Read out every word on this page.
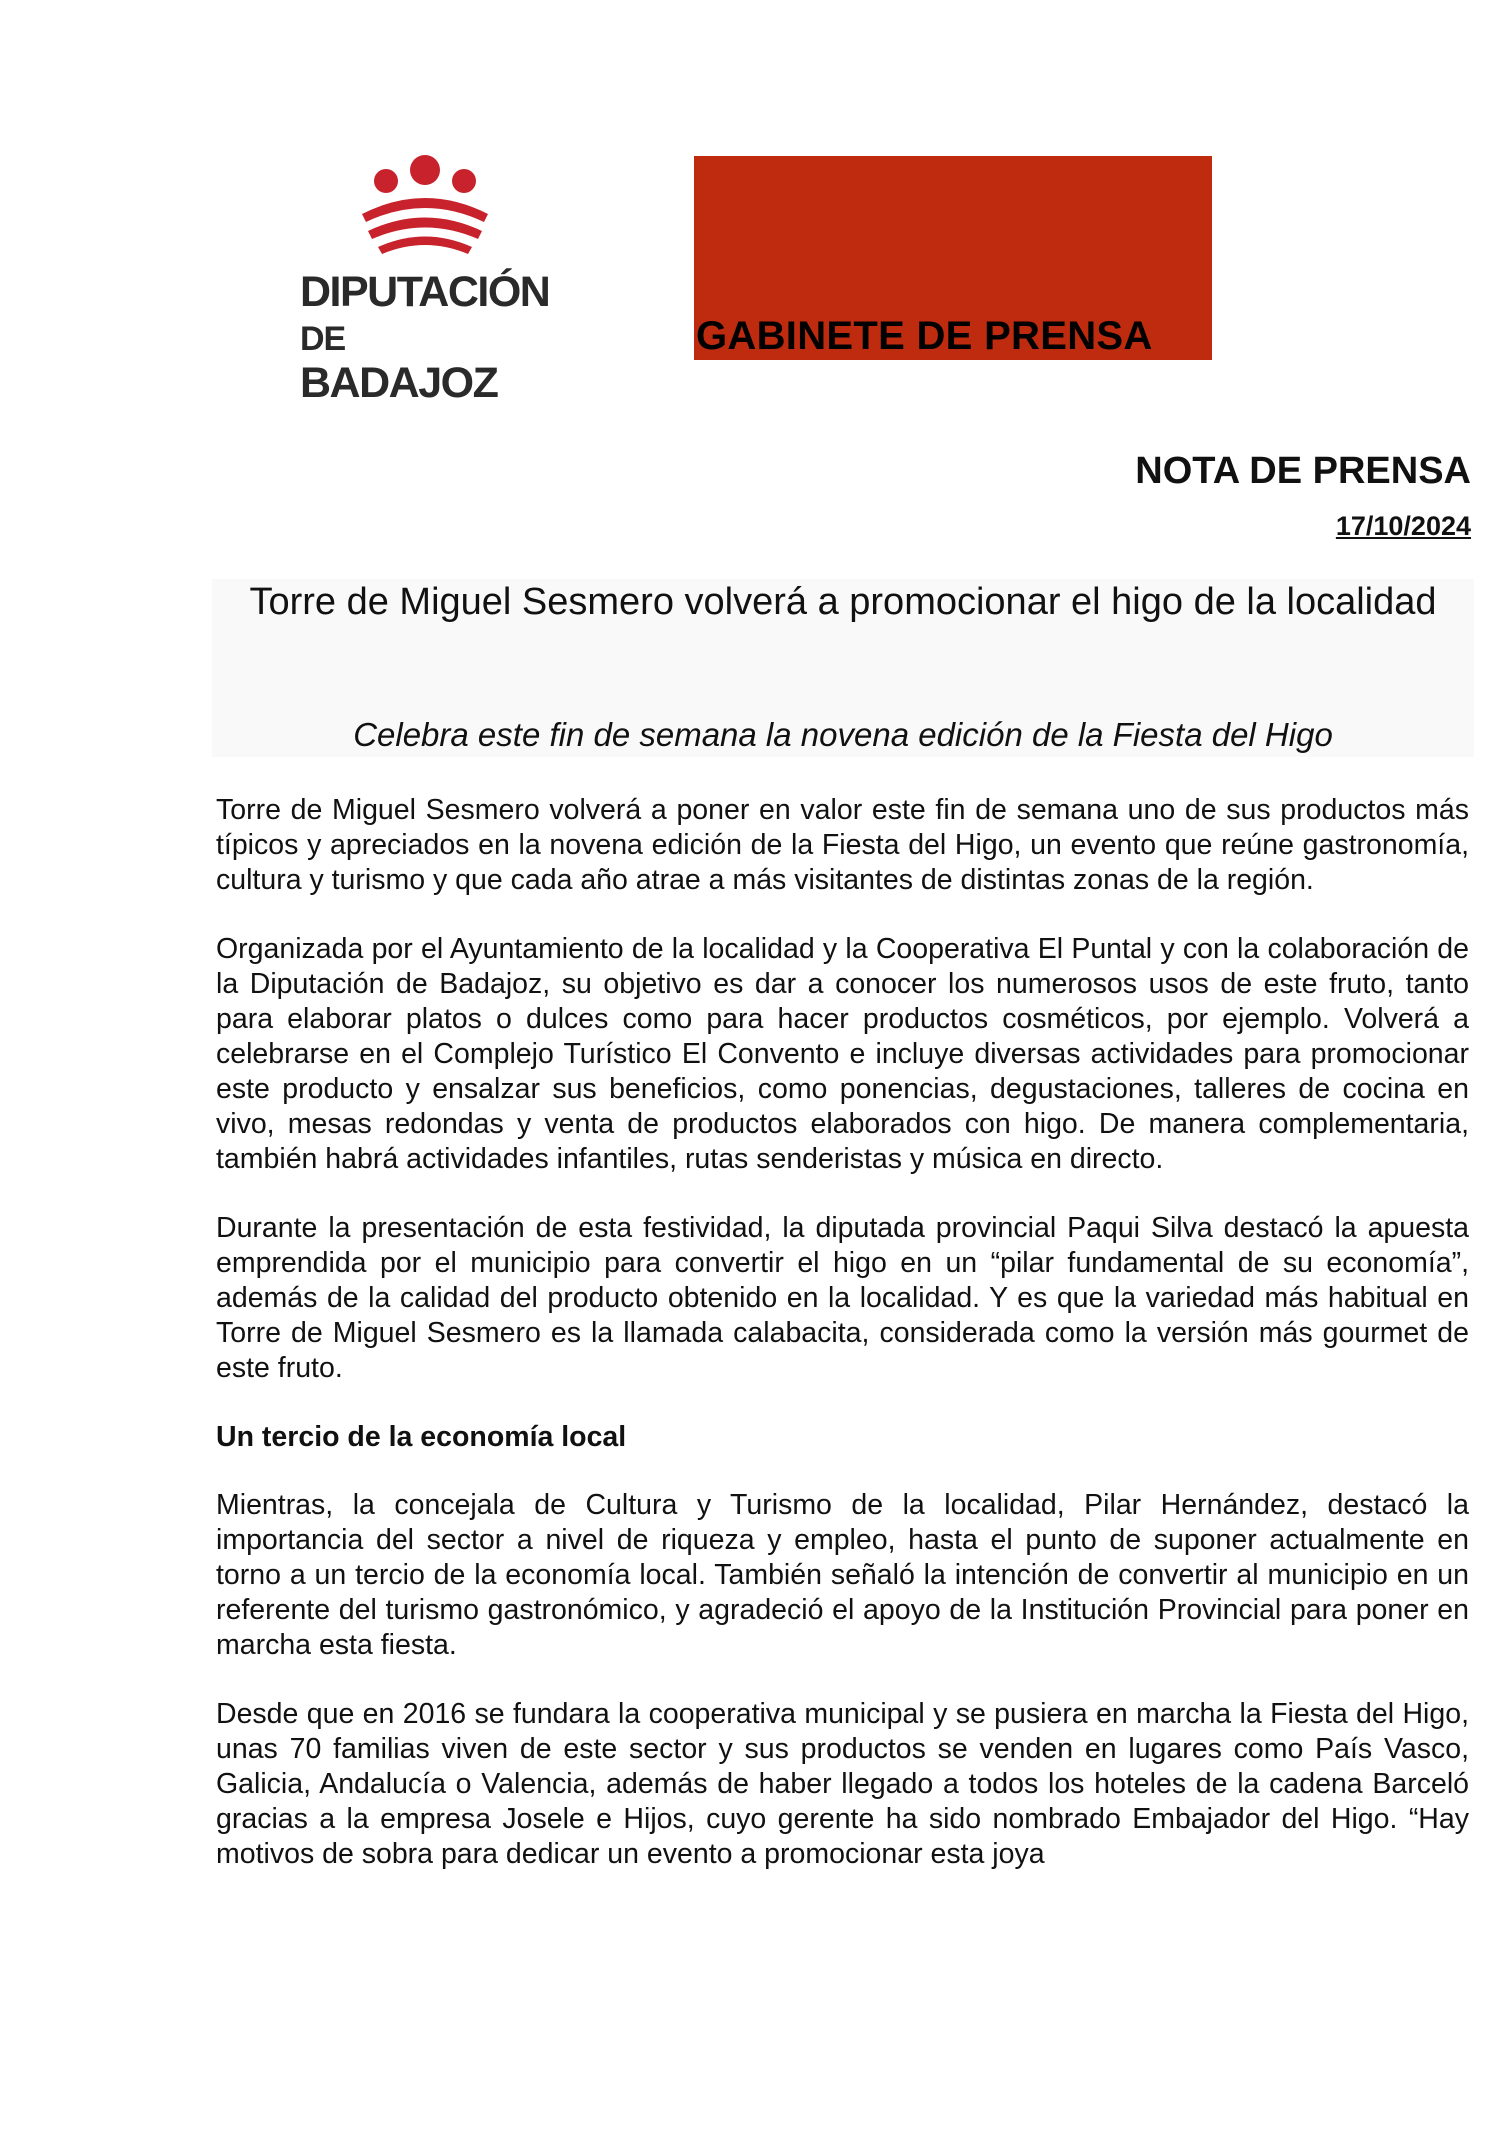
DIPUTACIÓN
DE BADAJOZ
GABINETE DE PRENSA
NOTA DE PRENSA
17/10/2024
Torre de Miguel Sesmero volverá a promocionar el higo de la localidad
Celebra este fin de semana la novena edición de la Fiesta del Higo

Torre de Miguel Sesmero volverá a poner en valor este fin de semana uno de sus productos más típicos y apreciados en la novena edición de la Fiesta del Higo, un evento que reúne gastronomía, cultura y turismo y que cada año atrae a más visitantes de distintas zonas de la región.

Organizada por el Ayuntamiento de la localidad y la Cooperativa El Puntal y con la colaboración de la Diputación de Badajoz, su objetivo es dar a conocer los numerosos usos de este fruto, tanto para elaborar platos o dulces como para hacer productos cosméticos, por ejemplo. Volverá a celebrarse en el Complejo Turístico El Convento e incluye diversas actividades para promocionar este producto y ensalzar sus beneficios, como ponencias, degustaciones, talleres de cocina en vivo, mesas redondas y venta de productos elaborados con higo. De manera complementaria, también habrá actividades infantiles, rutas senderistas y música en directo.

Durante la presentación de esta festividad, la diputada provincial Paqui Silva destacó la apuesta emprendida por el municipio para convertir el higo en un “pilar fundamental de su economía”, además de la calidad del producto obtenido en la localidad. Y es que la variedad más habitual en Torre de Miguel Sesmero es la llamada calabacita, considerada como la versión más gourmet de este fruto.

Un tercio de la economía local

Mientras, la concejala de Cultura y Turismo de la localidad, Pilar Hernández, destacó la importancia del sector a nivel de riqueza y empleo, hasta el punto de suponer actualmente en torno a un tercio de la economía local. También señaló la intención de convertir al municipio en un referente del turismo gastronómico, y agradeció el apoyo de la Institución Provincial para poner en marcha esta fiesta.

Desde que en 2016 se fundara la cooperativa municipal y se pusiera en marcha la Fiesta del Higo, unas 70 familias viven de este sector y sus productos se venden en lugares como País Vasco, Galicia, Andalucía o Valencia, además de haber llegado a todos los hoteles de la cadena Barceló gracias a la empresa Josele e Hijos, cuyo gerente ha sido nombrado Embajador del Higo. “Hay motivos de sobra para dedicar un evento a promocionar esta joya
